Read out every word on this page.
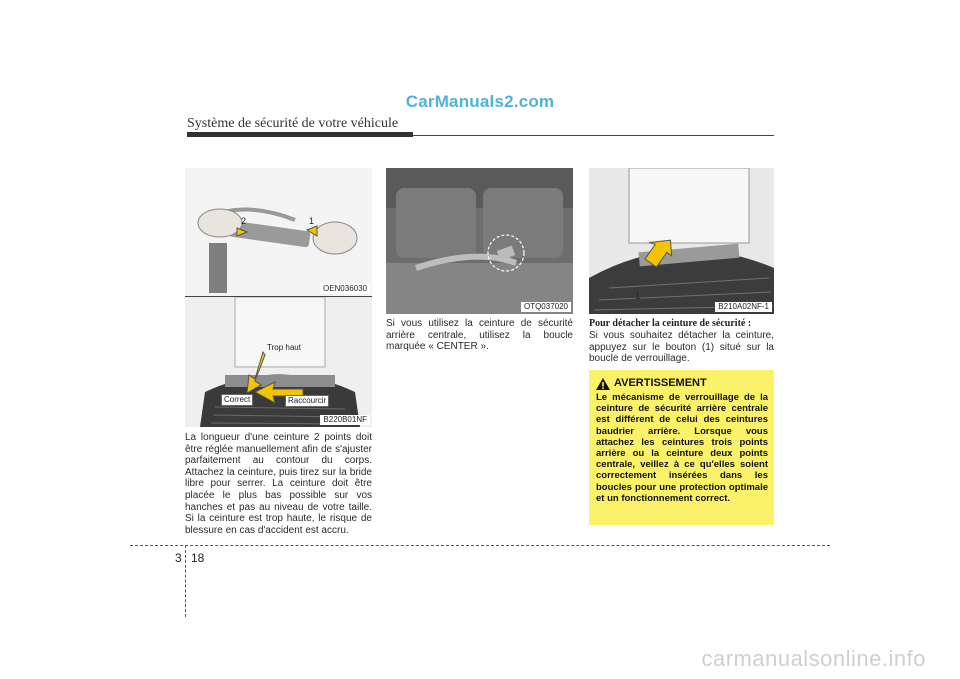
CarManuals2.com
Système de sécurité de votre véhicule
2	1
OEN036030
Trop haut
Correct	Raccourcir
B220B01NF
La longueur d'une ceinture 2 points doit être réglée manuellement afin de s'ajuster parfaitement au contour du corps. Attachez la ceinture, puis tirez sur la bride libre pour serrer. La ceinture doit être placée le plus bas possible sur vos hanches et pas au niveau de votre taille. Si la ceinture est trop haute, le risque de blessure en cas d'accident est accru.
OTQ037020
Si vous utilisez la ceinture de sécurité arrière centrale, utilisez la boucle marquée « CENTER ».
1
B210A02NF-1
Pour détacher la ceinture de sécurité :
Si vous souhaitez détacher la ceinture, appuyez sur le bouton (1) situé sur la boucle de verrouillage.
AVERTISSEMENT
Le mécanisme de verrouillage de la ceinture de sécurité arrière centrale est différent de celui des ceintures baudrier arrière. Lorsque vous attachez les ceintures trois points arrière ou la ceinture deux points centrale, veillez à ce qu'elles soient correctement insérées dans les boucles pour une protection optimale et un fonctionnement correct.
3 18
carmanualsonline.info
